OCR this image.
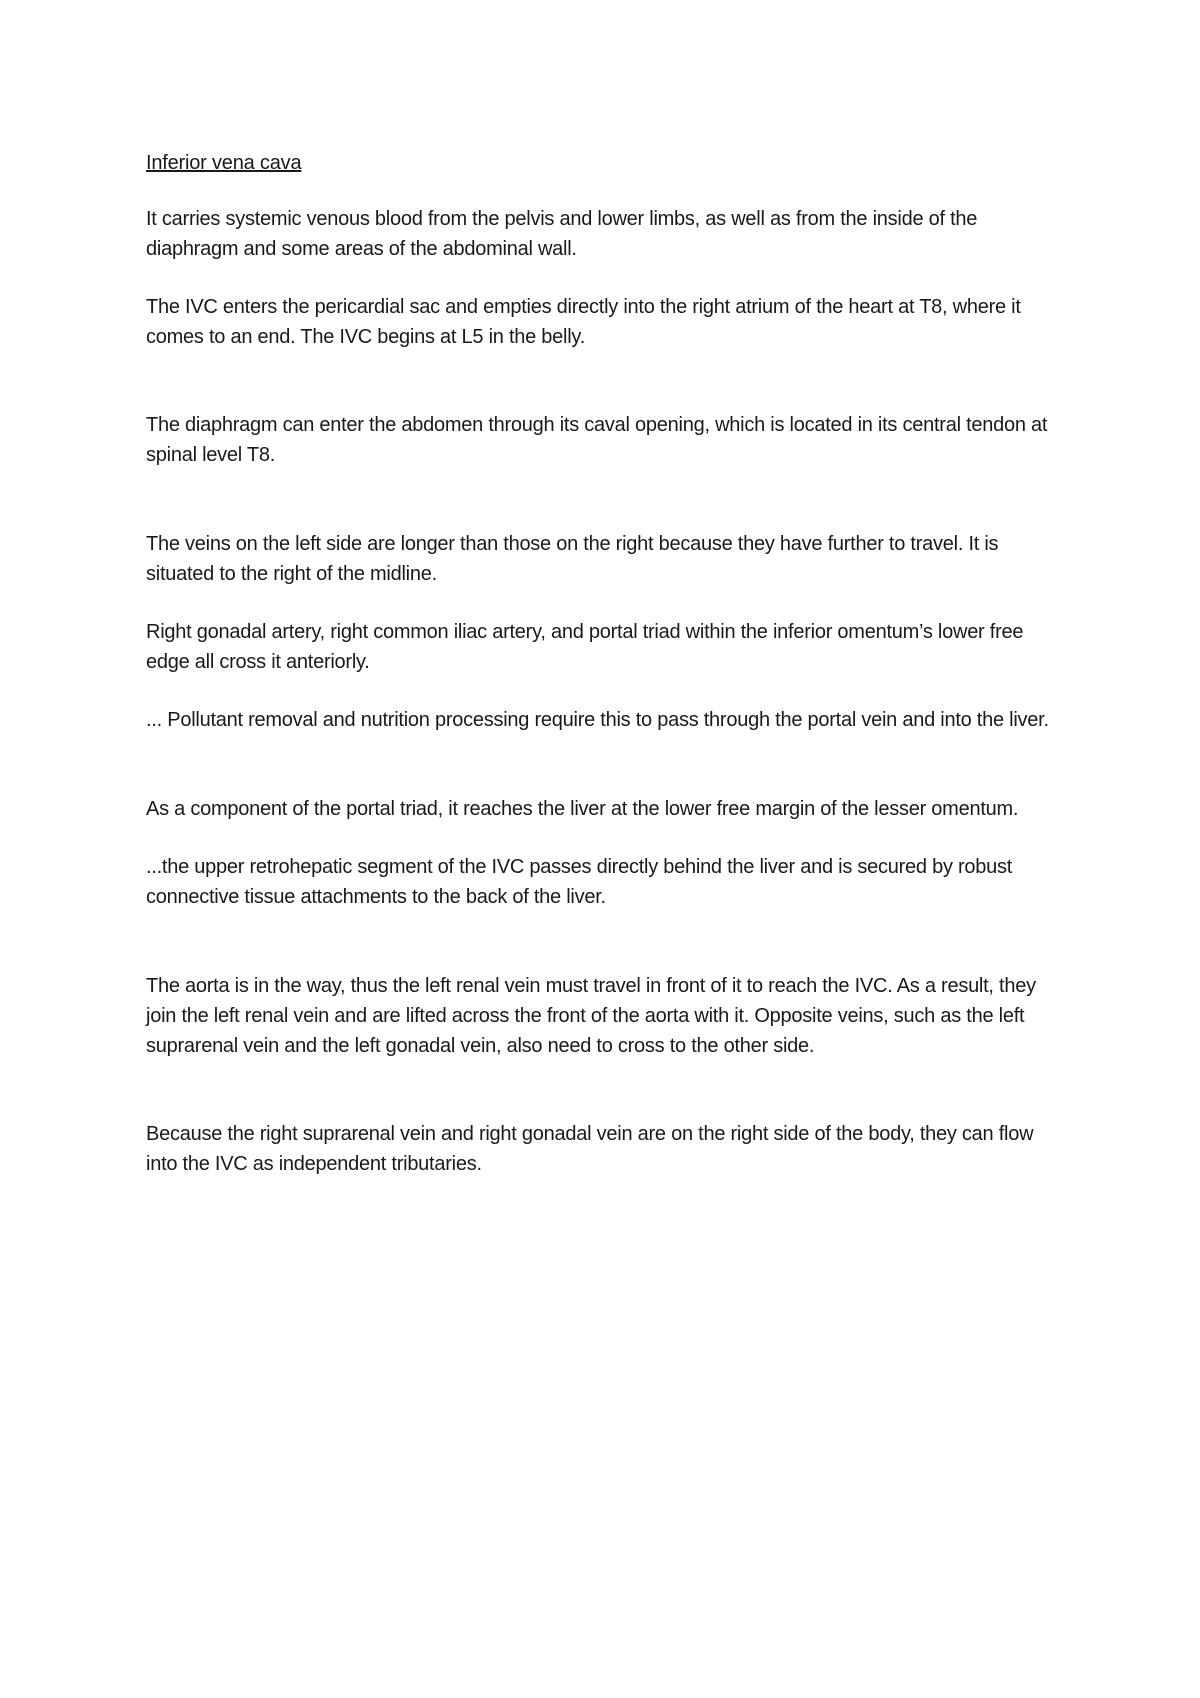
Inferior vena cava

It carries systemic venous blood from the pelvis and lower limbs, as well as from the inside of the diaphragm and some areas of the abdominal wall.

The IVC enters the pericardial sac and empties directly into the right atrium of the heart at T8, where it comes to an end. The IVC begins at L5 in the belly.

The diaphragm can enter the abdomen through its caval opening, which is located in its central tendon at spinal level T8.

The veins on the left side are longer than those on the right because they have further to travel. It is situated to the right of the midline.

Right gonadal artery, right common iliac artery, and portal triad within the inferior omentum’s lower free edge all cross it anteriorly.

... Pollutant removal and nutrition processing require this to pass through the portal vein and into the liver.

As a component of the portal triad, it reaches the liver at the lower free margin of the lesser omentum.

...the upper retrohepatic segment of the IVC passes directly behind the liver and is secured by robust connective tissue attachments to the back of the liver.

The aorta is in the way, thus the left renal vein must travel in front of it to reach the IVC. As a result, they join the left renal vein and are lifted across the front of the aorta with it. Opposite veins, such as the left suprarenal vein and the left gonadal vein, also need to cross to the other side.

Because the right suprarenal vein and right gonadal vein are on the right side of the body, they can flow into the IVC as independent tributaries.
